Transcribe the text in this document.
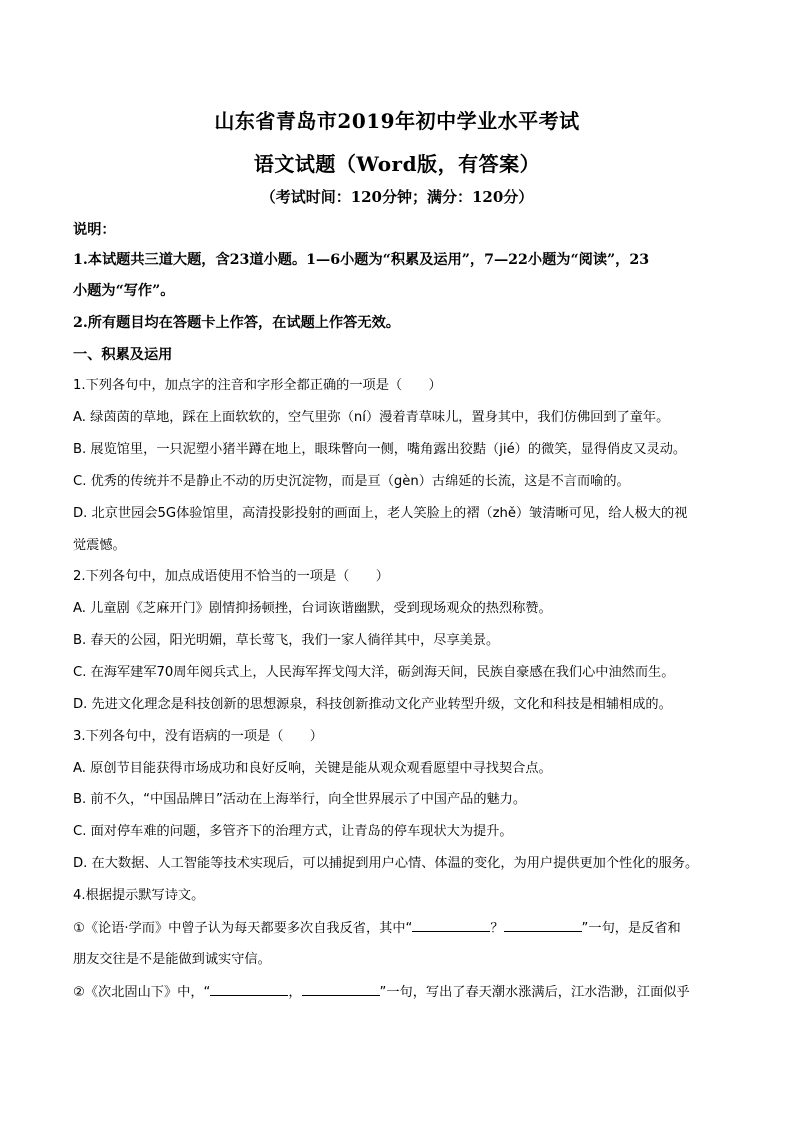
山东省青岛市2019年初中学业水平考试
语文试题（Word版，有答案）
（考试时间：120分钟；满分：120分）
说明：
1.本试题共三道大题，含23道小题。1—6小题为“积累及运用”，7—22小题为“阅读”，23
小题为“写作”。
2.所有题目均在答题卡上作答，在试题上作答无效。
一、积累及运用
1.下列各句中，加点字的注音和字形全都正确的一项是（　　）
A. 绿茵茵的草地，踩在上面软软的，空气里弥（ní）漫着青草味儿，置身其中，我们仿佛回到了童年。
B. 展览馆里，一只泥塑小猪半蹲在地上，眼珠瞥向一侧，嘴角露出狡黠（jié）的微笑，显得俏皮又灵动。
C. 优秀的传统并不是静止不动的历史沉淀物，而是亘（gèn）古绵延的长流，这是不言而喻的。
D. 北京世园会5G体验馆里，高清投影投射的画面上，老人笑脸上的褶（zhě）皱清晰可见，给人极大的视
觉震憾。
2.下列各句中，加点成语使用不恰当的一项是（　　）
A. 儿童剧《芝麻开门》剧情抑扬顿挫，台词诙谐幽默，受到现场观众的热烈称赞。
B. 春天的公园，阳光明媚，草长莺飞，我们一家人徜徉其中，尽享美景。
C. 在海军建军70周年阅兵式上，人民海军挥戈闯大洋，砺剑海天间，民族自豪感在我们心中油然而生。
D. 先进文化理念是科技创新的思想源泉，科技创新推动文化产业转型升级，文化和科技是相辅相成的。
3.下列各句中，没有语病的一项是（　　）
A. 原创节目能获得市场成功和良好反响，关键是能从观众观看愿望中寻找契合点。
B. 前不久，“中国品牌日”活动在上海举行，向全世界展示了中国产品的魅力。
C. 面对停车难的问题，多管齐下的治理方式，让青岛的停车现状大为提升。
D. 在大数据、人工智能等技术实现后，可以捕捉到用户心情、体温的变化，为用户提供更加个性化的服务。
4.根据提示默写诗文。
①《论语·学而》中曾子认为每天都要多次自我反省，其中“	？	”一句，是反省和
朋友交往是不是能做到诚实守信。
②《次北固山下》中，“	，	”一句，写出了春天潮水涨满后，江水浩渺，江面似乎
